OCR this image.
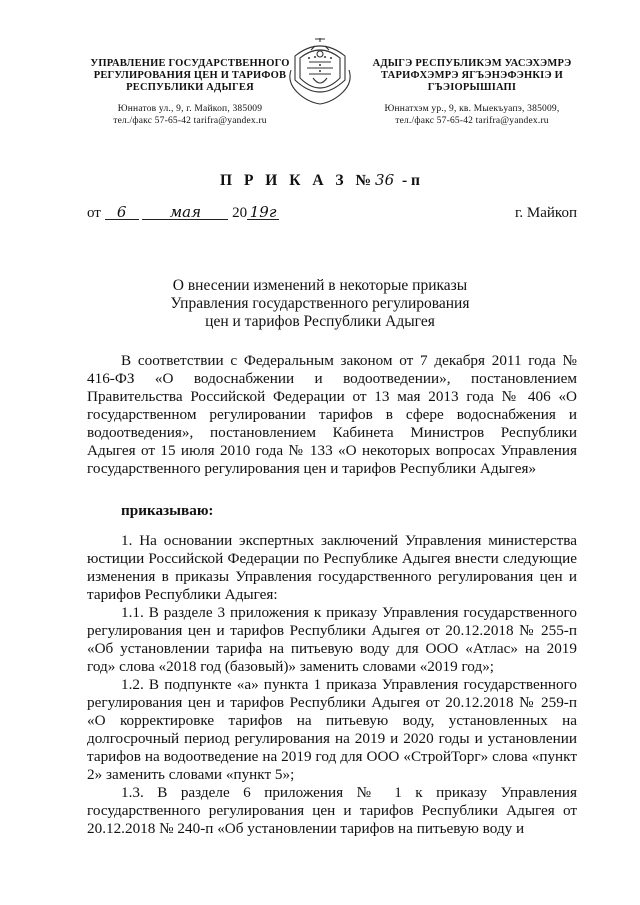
УПРАВЛЕНИЕ ГОСУДАРСТВЕННОГО
РЕГУЛИРОВАНИЯ ЦЕН И ТАРИФОВ
РЕСПУБЛИКИ АДЫГЕЯ
Юннатов ул., 9, г. Майкоп, 385009
тел./факс 57-65-42 tarifra@yandex.ru
АДЫГЭ РЕСПУБЛИКЭМ УАСЭХЭМРЭ
ТАРИФХЭМРЭ ЯГЪЭНЭФЭНКIЭ И
ГЪЭIОРЫШIАПI
Юннатхэм ур., 9, кв. Мыекъуапэ, 385009,
тел./факс 57-65-42 tarifra@yandex.ru
П Р И К А З №36 - п
от 6	мая 20 19г	г. Майкоп
О внесении изменений в некоторые приказы
Управления государственного регулирования
цен и тарифов Республики Адыгея

В соответствии с Федеральным законом от 7 декабря 2011 года № 416-ФЗ «О водоснабжении и водоотведении», постановлением Правительства Российской Федерации от 13 мая 2013 года № 406 «О государственном регулировании тарифов в сфере водоснабжения и водоотведения», постановлением Кабинета Министров Республики Адыгея от 15 июля 2010 года № 133 «О некоторых вопросах Управления государственного регулирования цен и тарифов Республики Адыгея»

приказываю:

1. На основании экспертных заключений Управления министерства юстиции Российской Федерации по Республике Адыгея внести следующие изменения в приказы Управления государственного регулирования цен и тарифов Республики Адыгея:

1.1. В разделе 3 приложения к приказу Управления государственного регулирования цен и тарифов Республики Адыгея от 20.12.2018 № 255-п «Об установлении тарифа на питьевую воду для ООО «Атлас» на 2019 год» слова «2018 год (базовый)» заменить словами «2019 год»;

1.2. В подпункте «а» пункта 1 приказа Управления государственного регулирования цен и тарифов Республики Адыгея от 20.12.2018 № 259-п «О корректировке тарифов на питьевую воду, установленных на долгосрочный период регулирования на 2019 и 2020 годы и установлении тарифов на водоотведение на 2019 год для ООО «СтройТорг» слова «пункт 2» заменить словами «пункт 5»;

1.3. В разделе 6 приложения № 1 к приказу Управления государственного регулирования цен и тарифов Республики Адыгея от 20.12.2018 № 240-п «Об установлении тарифов на питьевую воду и
